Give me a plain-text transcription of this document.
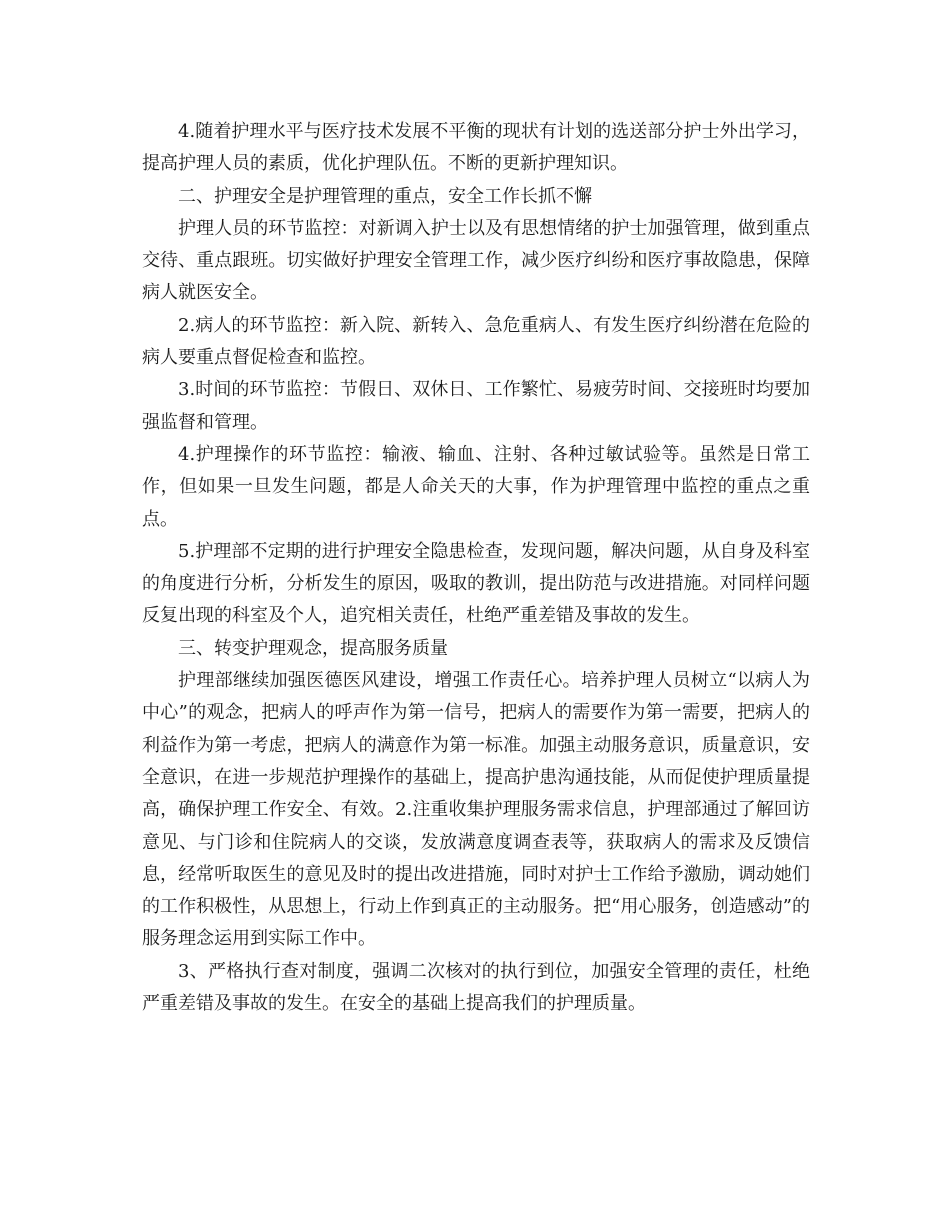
4.随着护理水平与医疗技术发展不平衡的现状有计划的选送部分护士外出学习，提高护理人员的素质，优化护理队伍。不断的更新护理知识。

二、护理安全是护理管理的重点，安全工作长抓不懈

护理人员的环节监控：对新调入护士以及有思想情绪的护士加强管理，做到重点交待、重点跟班。切实做好护理安全管理工作，减少医疗纠纷和医疗事故隐患，保障病人就医安全。

2.病人的环节监控：新入院、新转入、急危重病人、有发生医疗纠纷潜在危险的病人要重点督促检查和监控。

3.时间的环节监控：节假日、双休日、工作繁忙、易疲劳时间、交接班时均要加强监督和管理。

4.护理操作的环节监控：输液、输血、注射、各种过敏试验等。虽然是日常工作，但如果一旦发生问题，都是人命关天的大事，作为护理管理中监控的重点之重点。

5.护理部不定期的进行护理安全隐患检查，发现问题，解决问题，从自身及科室的角度进行分析，分析发生的原因，吸取的教训，提出防范与改进措施。对同样问题反复出现的科室及个人，追究相关责任，杜绝严重差错及事故的发生。

三、转变护理观念，提高服务质量

护理部继续加强医德医风建设，增强工作责任心。培养护理人员树立“以病人为中心”的观念，把病人的呼声作为第一信号，把病人的需要作为第一需要，把病人的利益作为第一考虑，把病人的满意作为第一标准。加强主动服务意识，质量意识，安全意识，在进一步规范护理操作的基础上，提高护患沟通技能，从而促使护理质量提高，确保护理工作安全、有效。2.注重收集护理服务需求信息，护理部通过了解回访意见、与门诊和住院病人的交谈，发放满意度调查表等，获取病人的需求及反馈信息，经常听取医生的意见及时的提出改进措施，同时对护士工作给予激励，调动她们的工作积极性，从思想上，行动上作到真正的主动服务。把“用心服务，创造感动”的服务理念运用到实际工作中。

3、严格执行查对制度，强调二次核对的执行到位，加强安全管理的责任，杜绝严重差错及事故的发生。在安全的基础上提高我们的护理质量。
